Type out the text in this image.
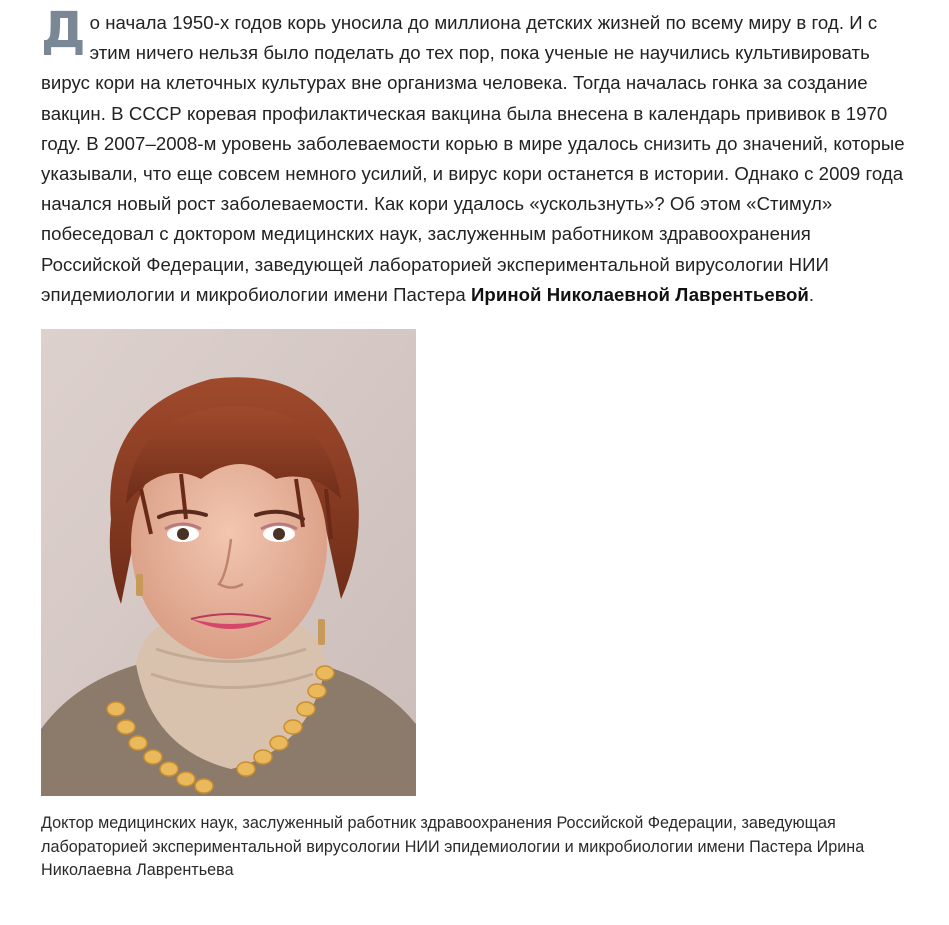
До начала 1950-х годов корь уносила до миллиона детских жизней по всему миру в год. И с этим ничего нельзя было поделать до тех пор, пока ученые не научились культивировать вирус кори на клеточных культурах вне организма человека. Тогда началась гонка за создание вакцин. В СССР коревая профилактическая вакцина была внесена в календарь прививок в 1970 году. В 2007–2008-м уровень заболеваемости корью в мире удалось снизить до значений, которые указывали, что еще совсем немного усилий, и вирус кори останется в истории. Однако с 2009 года начался новый рост заболеваемости. Как кори удалось «ускользнуть»? Об этом «Стимул» побеседовал с доктором медицинских наук, заслуженным работником здравоохранения Российской Федерации, заведующей лабораторией экспериментальной вирусологии НИИ эпидемиологии и микробиологии имени Пастера Ириной Николаевной Лаврентьевой.

Доктор медицинских наук, заслуженный работник здравоохранения Российской Федерации, заведующая лабораторией экспериментальной вирусологии НИИ эпидемиологии и микробиологии имени Пастера Ирина Николаевна Лаврентьева
